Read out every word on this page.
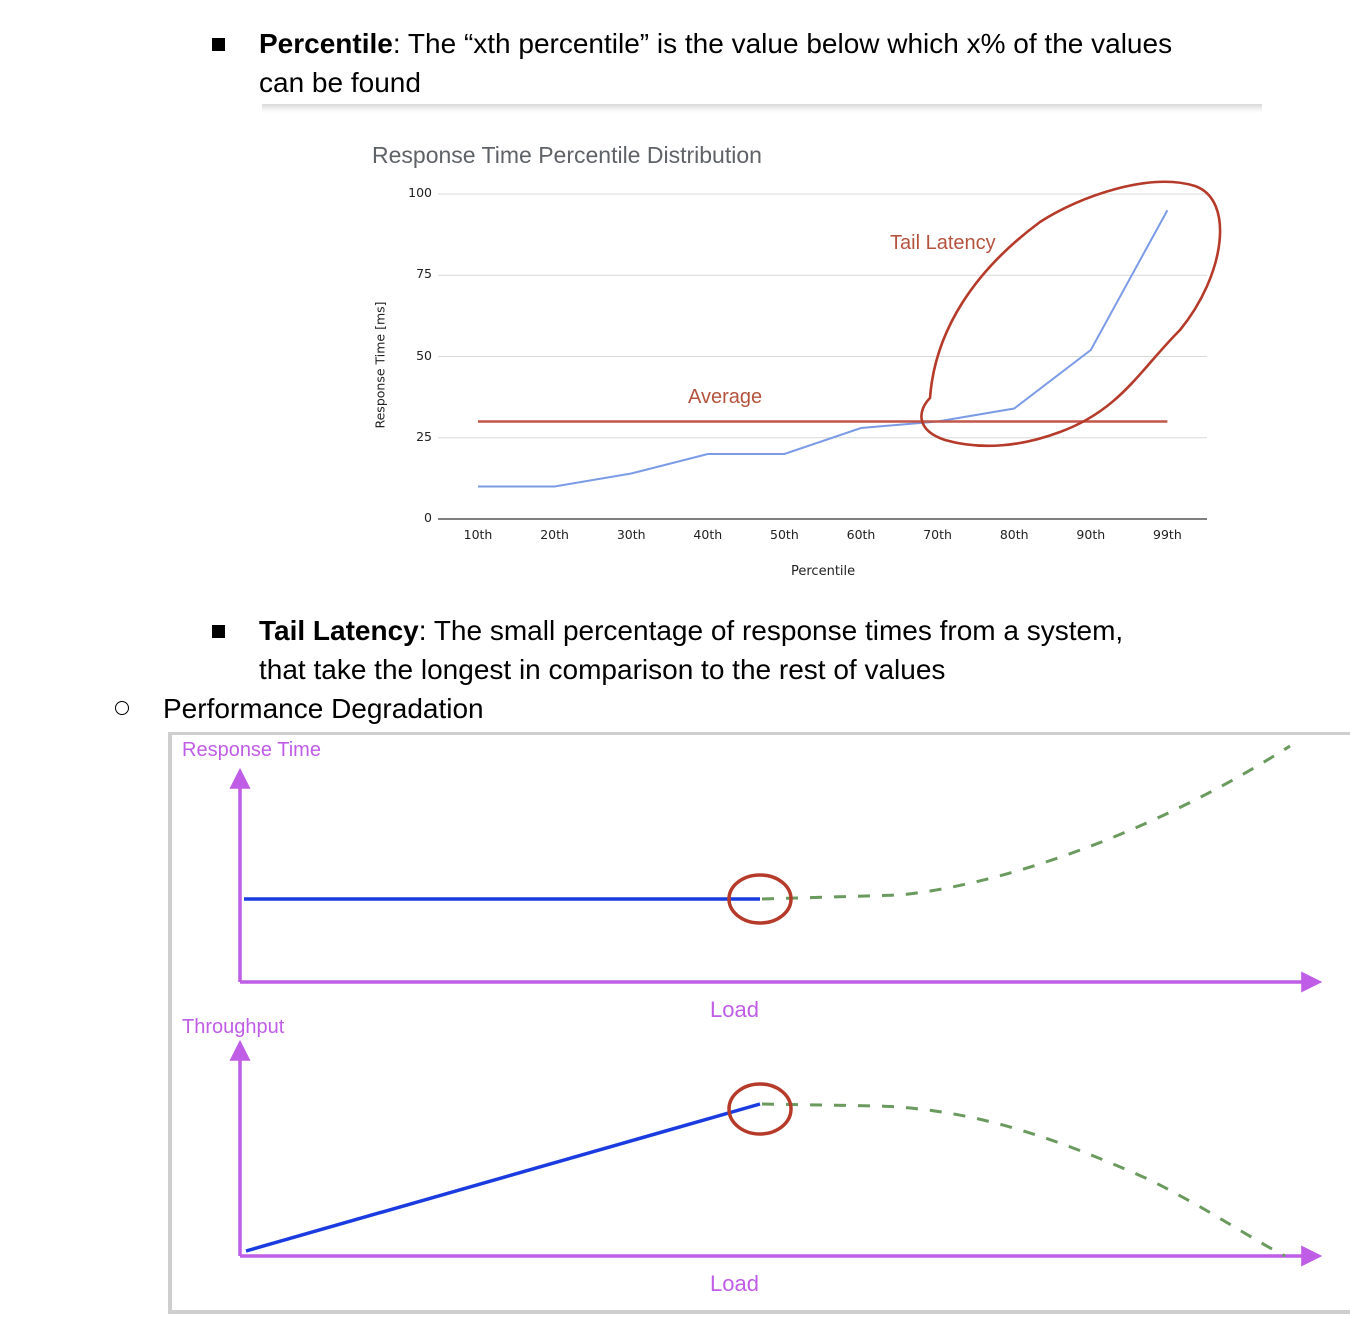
Percentile: The “xth percentile” is the value below which x% of the values
can be found
Response Time Percentile Distribution
Response Time [ms]
Percentile
Average
Tail Latency
Tail Latency: The small percentage of response times from a system,
that take the longest in comparison to the rest of values
Performance Degradation
Response Time
Load
Throughput
Load
100
75
50
25
0
10th	20th	30th	40th	50th	60th	70th	80th	90th	99th
